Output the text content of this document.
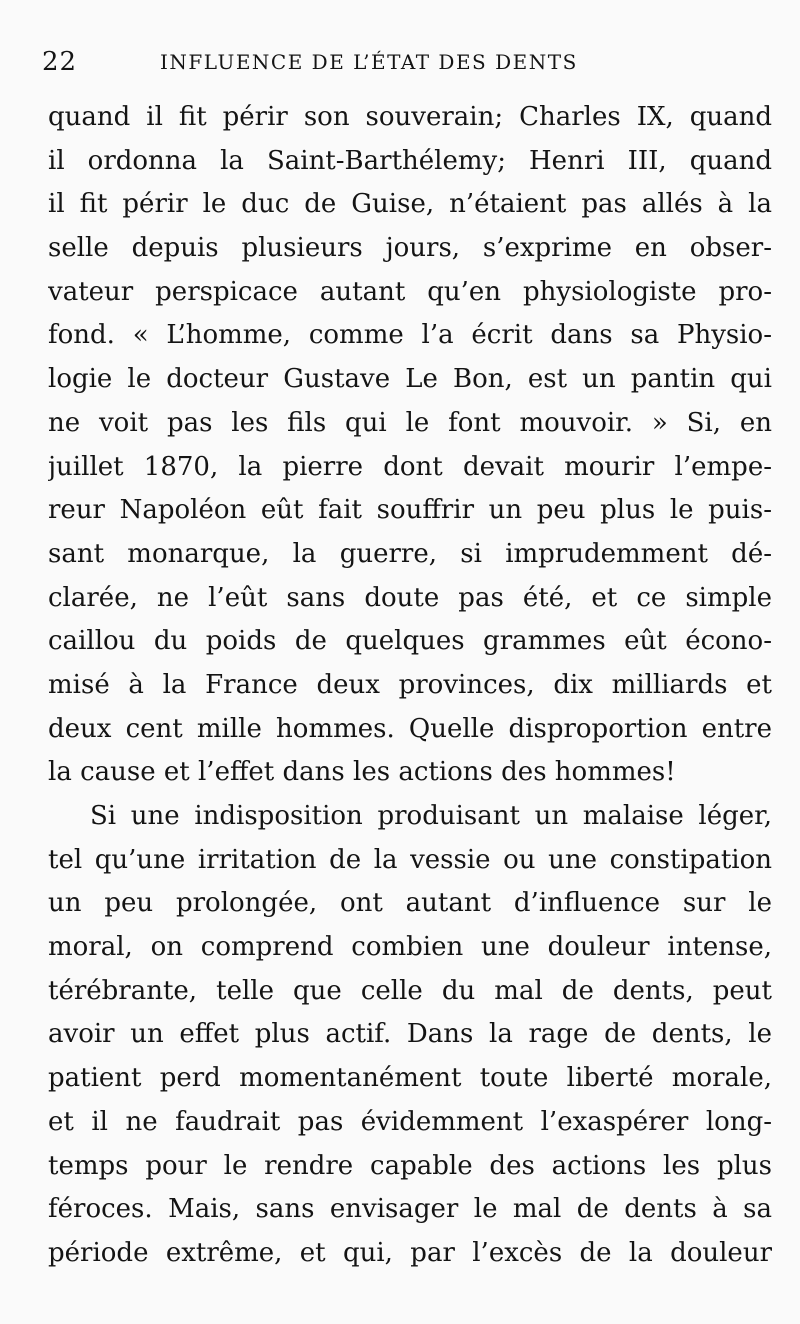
22	INFLUENCE DE L’ÉTAT DES DENTS
quand il fit périr son souverain; Charles IX, quand
il ordonna la Saint-Barthélemy; Henri III, quand
il fit périr le duc de Guise, n’étaient pas allés à la
selle depuis plusieurs jours, s’exprime en obser-
vateur perspicace autant qu’en physiologiste pro-
fond. « L’homme, comme l’a écrit dans sa Physio-
logie le docteur Gustave Le Bon, est un pantin qui
ne voit pas les fils qui le font mouvoir. » Si, en
juillet 1870, la pierre dont devait mourir l’empe-
reur Napoléon eût fait souffrir un peu plus le puis-
sant monarque, la guerre, si imprudemment dé-
clarée, ne l’eût sans doute pas été, et ce simple
caillou du poids de quelques grammes eût écono-
misé à la France deux provinces, dix milliards et
deux cent mille hommes. Quelle disproportion entre
la cause et l’effet dans les actions des hommes!
Si une indisposition produisant un malaise léger,
tel qu’une irritation de la vessie ou une constipation
un peu prolongée, ont autant d’influence sur le
moral, on comprend combien une douleur intense,
térébrante, telle que celle du mal de dents, peut
avoir un effet plus actif. Dans la rage de dents, le
patient perd momentanément toute liberté morale,
et il ne faudrait pas évidemment l’exaspérer long-
temps pour le rendre capable des actions les plus
féroces. Mais, sans envisager le mal de dents à sa
période extrême, et qui, par l’excès de la douleur
